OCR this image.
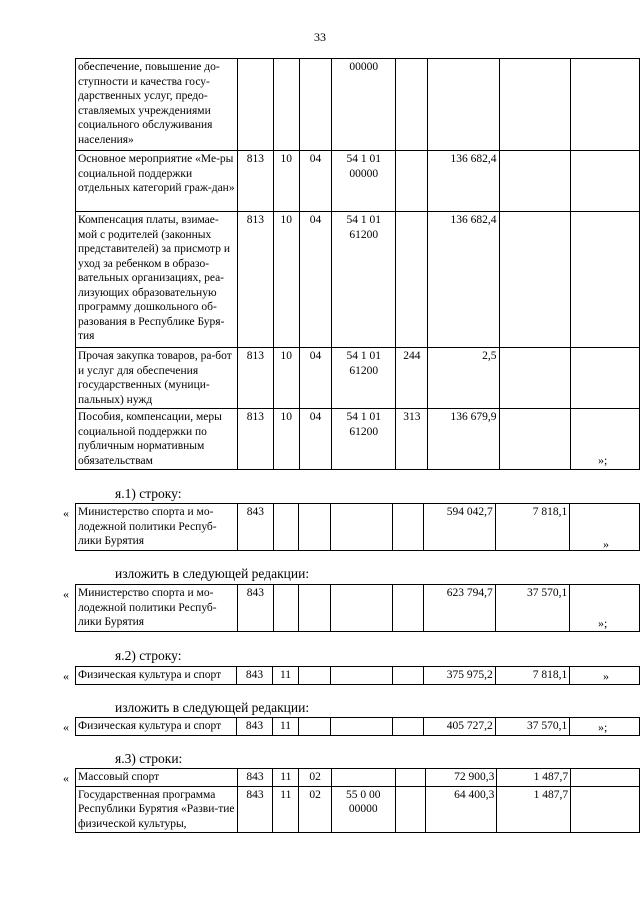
33
обеспечение, повышение до-ступности и качества госу-дарственных услуг, предо-ставляемых учреждениями социального обслуживания населения»				00000				
Основное мероприятие «Ме-ры социальной поддержки отдельных категорий граж-дан»	813	10	04	54 1 01 00000		136 682,4		
Компенсация платы, взимае-мой с родителей (законных представителей) за присмотр и уход за ребенком в образо-вательных организациях, реа-лизующих образовательную программу дошкольного об-разования в Республике Буря-тия	813	10	04	54 1 01 61200		136 682,4		
Прочая закупка товаров, ра-бот и услуг для обеспечения государственных (муници-пальных) нужд	813	10	04	54 1 01 61200	244	2,5		
Пособия, компенсации, меры социальной поддержки по публичным нормативным обязательствам	813	10	04	54 1 01 61200	313	136 679,9		
»;
я.1) строку:
« Министерство спорта и мо-лодежной политики Респуб-лики Бурятия	843					594 042,7	7 818,1	
»
изложить в следующей редакции:
« Министерство спорта и мо-лодежной политики Респуб-лики Бурятия	843					623 794,7	37 570,1	
»;
я.2) строку:
« Физическая культура и спорт	843	11				375 975,2	7 818,1		»
изложить в следующей редакции:
« Физическая культура и спорт	843	11				405 727,2	37 570,1		»;
я.3) строки:
« Массовый спорт	843	11	02			72 900,3	1 487,7	
Государственная программа Республики Бурятия «Разви-тие физической культуры,	843	11	02	55 0 00 00000		64 400,3	1 487,7	
